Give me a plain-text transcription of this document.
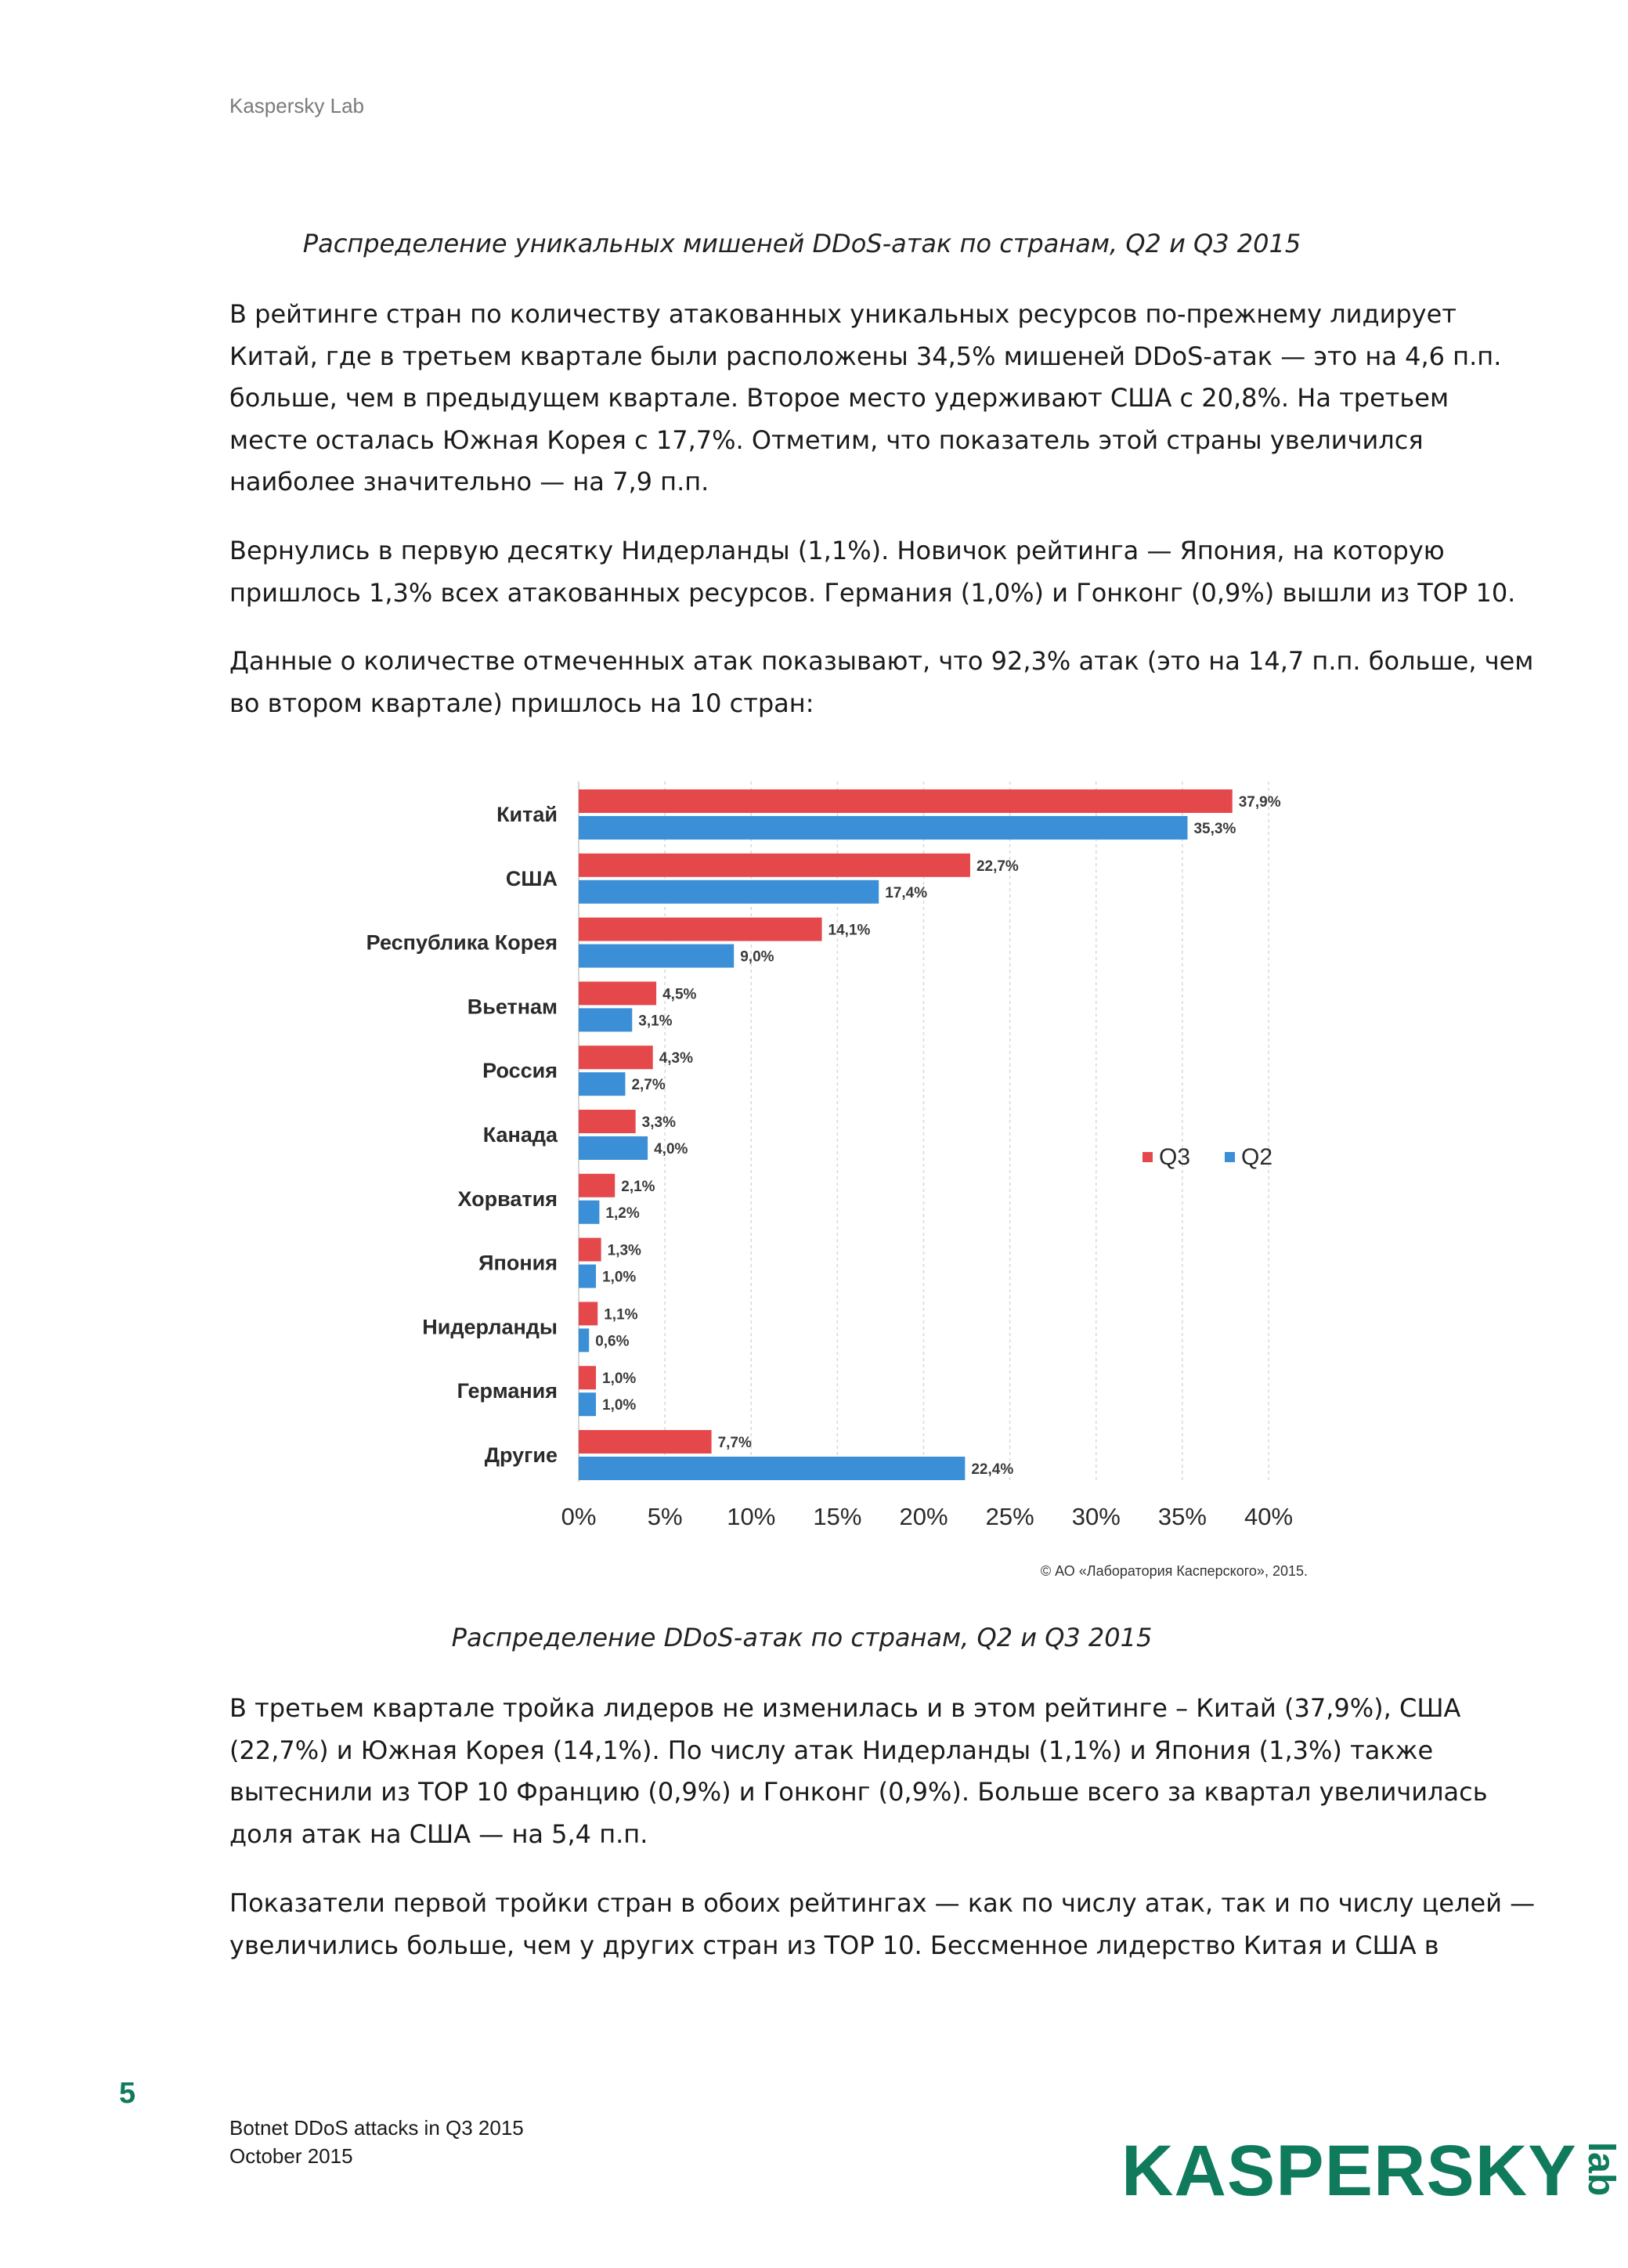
Kaspersky Lab
Распределение уникальных мишеней DDoS-атак по странам, Q2 и Q3 2015

В рейтинге стран по количеству атакованных уникальных ресурсов по-прежнему лидирует
Китай, где в третьем квартале были расположены 34,5% мишеней DDoS-атак — это на 4,6 п.п.
больше, чем в предыдущем квартале. Второе место удерживают США с 20,8%. На третьем
месте осталась Южная Корея с 17,7%. Отметим, что показатель этой страны увеличился
наиболее значительно — на 7,9 п.п.

Вернулись в первую десятку Нидерланды (1,1%). Новичок рейтинга — Япония, на которую
пришлось 1,3% всех атакованных ресурсов. Германия (1,0%) и Гонконг (0,9%) вышли из TOP 10.

Данные о количестве отмеченных атак показывают, что 92,3% атак (это на 14,7 п.п. больше, чем
во втором квартале) пришлось на 10 стран:

0% 5% 10% 15% 20% 25% 30% 35% 40%
37,9%
35,3%
Китай
22,7%
17,4%
США
14,1%
9,0%
Республика Корея
4,5%
3,1%
Вьетнам
4,3%
2,7%
Россия
3,3%
4,0%
Канада
2,1%
1,2%
Хорватия
1,3%
1,0%
Япония
1,1%
0,6%
Нидерланды
1,0%
1,0%
Германия
7,7%
22,4%
Другие
Q3 Q2
© АО «Лаборатория Касперского», 2015.
Распределение DDoS-атак по странам, Q2 и Q3 2015

В третьем квартале тройка лидеров не изменилась и в этом рейтинге – Китай (37,9%), США
(22,7%) и Южная Корея (14,1%). По числу атак Нидерланды (1,1%) и Япония (1,3%) также
вытеснили из TOP 10 Францию (0,9%) и Гонконг (0,9%). Больше всего за квартал увеличилась
доля атак на США — на 5,4 п.п.

Показатели первой тройки стран в обоих рейтингах — как по числу атак, так и по числу целей —
увеличились больше, чем у других стран из TOP 10. Бессменное лидерство Китая и США в

5
Botnet DDoS attacks in Q3 2015
October 2015	KASPERSKYlab
